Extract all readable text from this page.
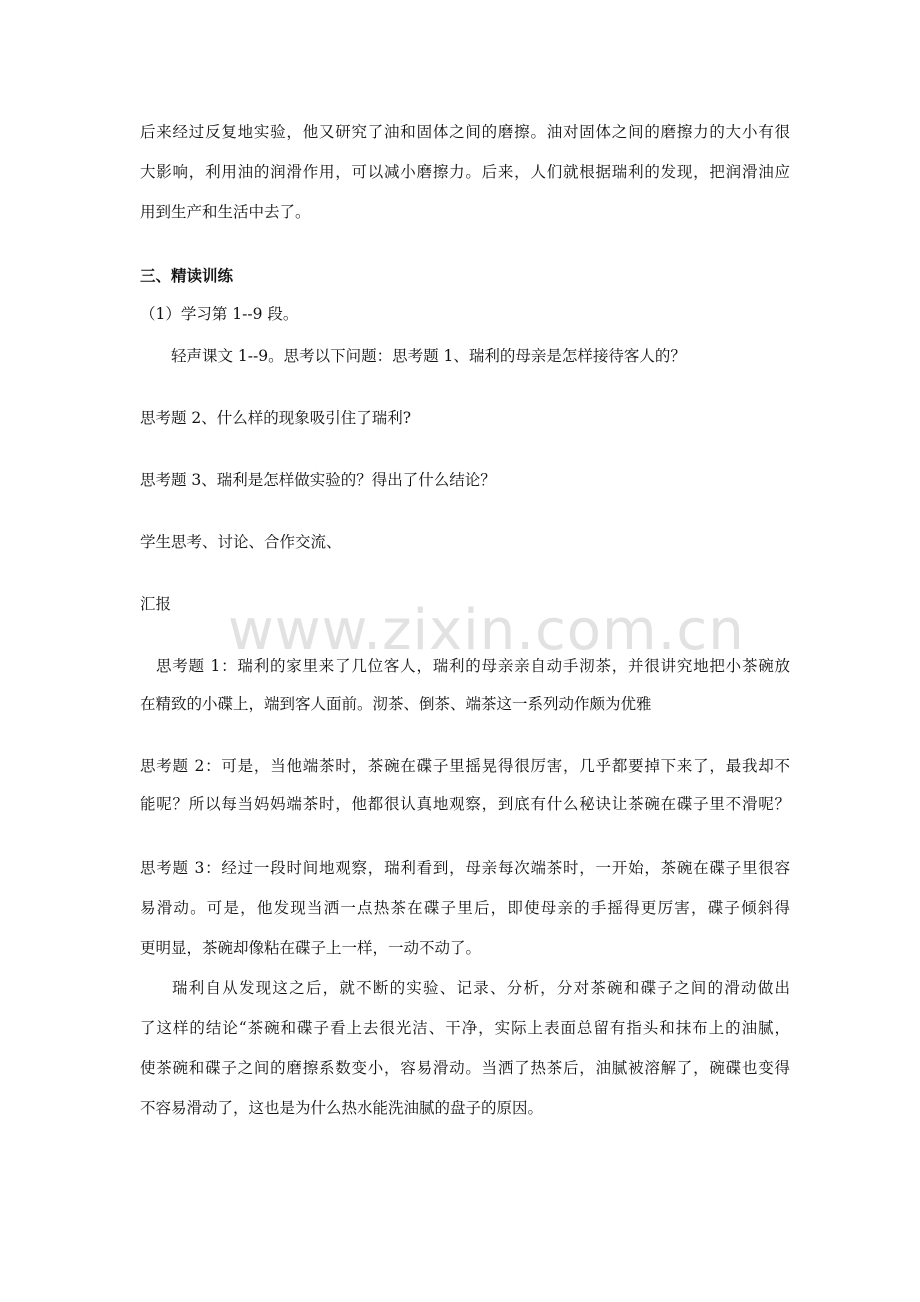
www.zixin.com.cn
后来经过反复地实验，他又研究了油和固体之间的磨擦。油对固体之间的磨擦力的大小有很
大影响，利用油的润滑作用，可以减小磨擦力。后来，人们就根据瑞利的发现，把润滑油应
用到生产和生活中去了。
三、精读训练
（1）学习第 1--9 段。
轻声课文 1--9。思考以下问题：思考题 1、瑞利的母亲是怎样接待客人的？
思考题 2、什么样的现象吸引住了瑞利?
思考题 3、瑞利是怎样做实验的？得出了什么结论？
学生思考、讨论、合作交流、
汇报
思考题 1：瑞利的家里来了几位客人，瑞利的母亲亲自动手沏茶，并很讲究地把小茶碗放
在精致的小碟上，端到客人面前。沏茶、倒茶、端茶这一系列动作颇为优雅
思考题 2：可是，当他端茶时，茶碗在碟子里摇晃得很厉害，几乎都要掉下来了，最我却不
能呢？所以每当妈妈端茶时，他都很认真地观察，到底有什么秘诀让茶碗在碟子里不滑呢？
思考题 3：经过一段时间地观察，瑞利看到，母亲每次端茶时，一开始，茶碗在碟子里很容
易滑动。可是，他发现当洒一点热茶在碟子里后，即使母亲的手摇得更厉害，碟子倾斜得
更明显，茶碗却像粘在碟子上一样，一动不动了。
瑞利自从发现这之后，就不断的实验、记录、分析，分对茶碗和碟子之间的滑动做出
了这样的结论“茶碗和碟子看上去很光洁、干净，实际上表面总留有指头和抹布上的油腻，
使茶碗和碟子之间的磨擦系数变小，容易滑动。当洒了热茶后，油腻被溶解了，碗碟也变得
不容易滑动了，这也是为什么热水能洗油腻的盘子的原因。
